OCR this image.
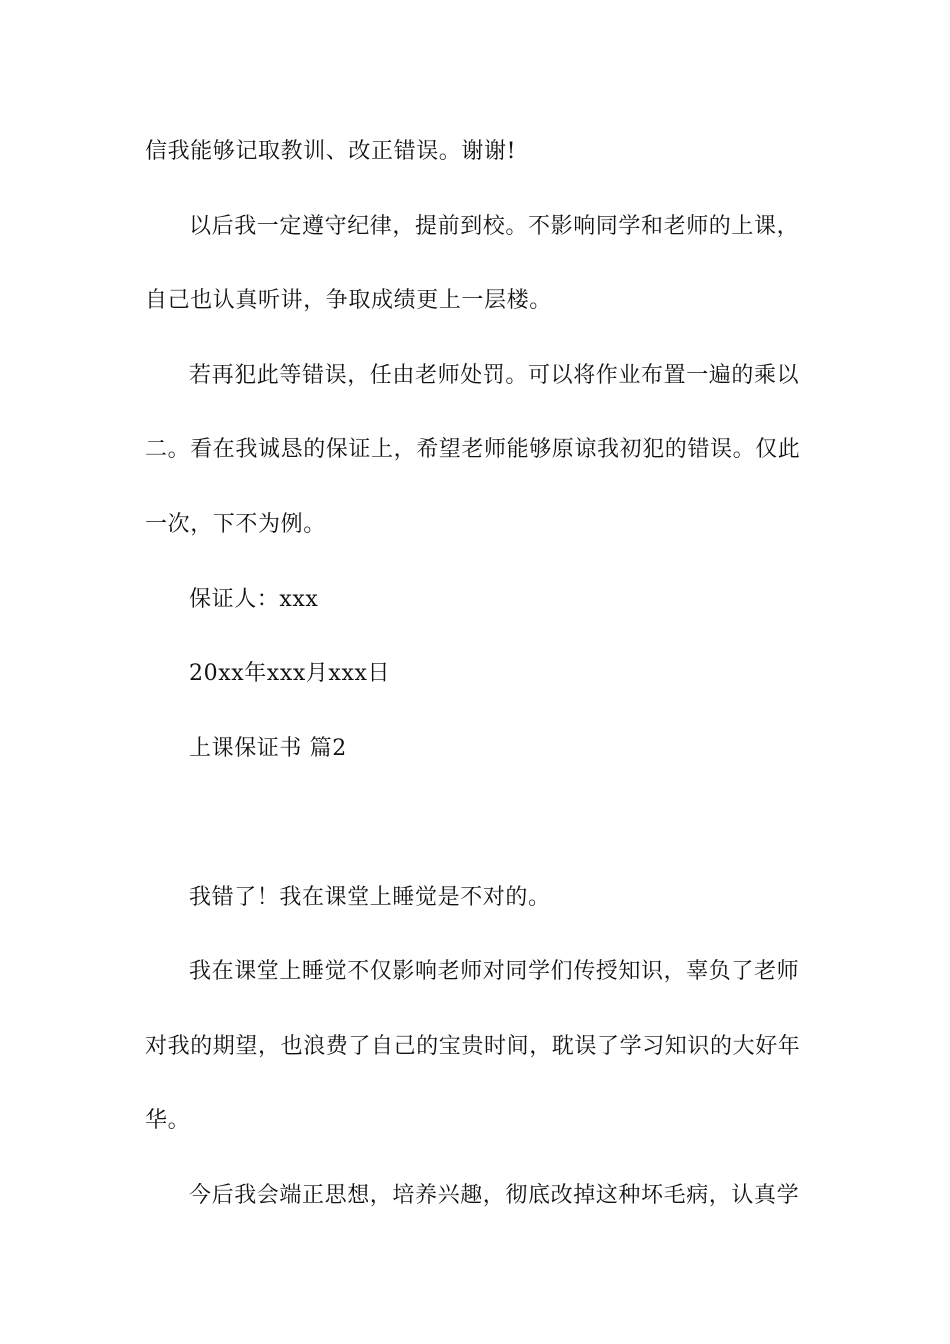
信我能够记取教训、改正错误。谢谢!
以后我一定遵守纪律，提前到校。不影响同学和老师的上课，
自己也认真听讲，争取成绩更上一层楼。
若再犯此等错误，任由老师处罚。可以将作业布置一遍的乘以
二。看在我诚恳的保证上，希望老师能够原谅我初犯的错误。仅此
一次，下不为例。
保证人：xxx
20xx年xxx月xxx日
上课保证书 篇2
我错了！我在课堂上睡觉是不对的。
我在课堂上睡觉不仅影响老师对同学们传授知识，辜负了老师
对我的期望，也浪费了自己的宝贵时间，耽误了学习知识的大好年
华。
今后我会端正思想，培养兴趣，彻底改掉这种坏毛病，认真学
